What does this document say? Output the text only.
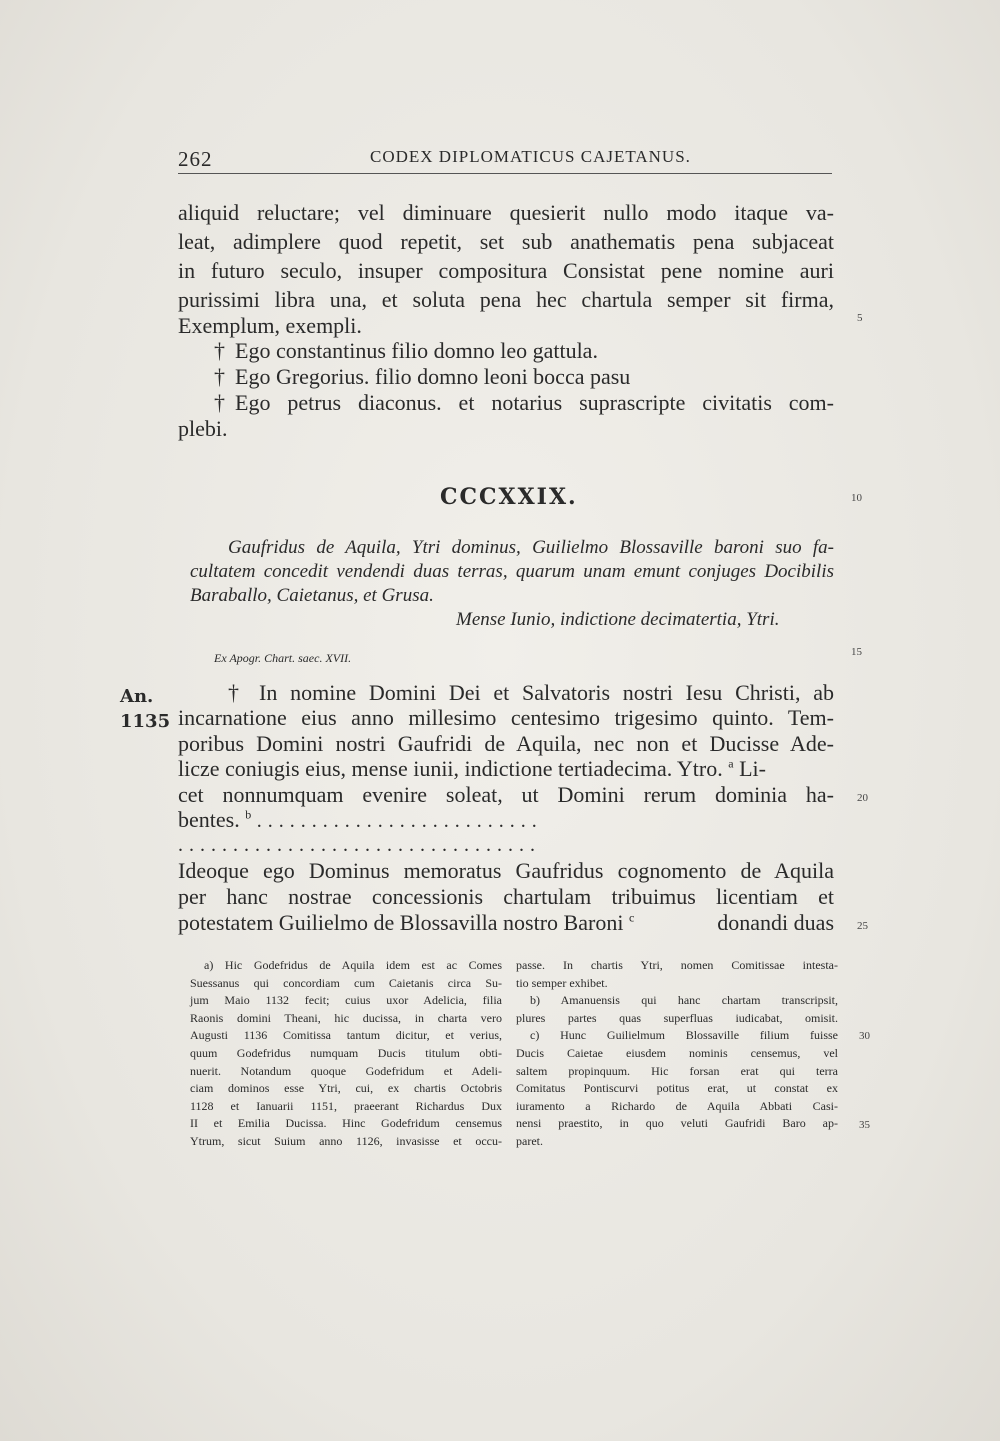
262	CODEX DIPLOMATICUS CAJETANUS.
aliquid reluctare; vel diminuare quesierit nullo modo itaque va-
leat, adimplere quod repetit, set sub anathematis pena subjaceat
in futuro seculo, insuper compositura Consistat pene nomine auri
purissimi libra una, et soluta pena hec chartula semper sit firma,
Exemplum, exempli.
† Ego constantinus filio domno leo gattula.
† Ego Gregorius. filio domno leoni bocca pasu
† Ego petrus diaconus. et notarius suprascripte civitatis com-
plebi.
CCCXXIX.
Gaufridus de Aquila, Ytri dominus, Guilielmo Blossaville baroni suo fa-
cultatem concedit vendendi duas terras, quarum unam emunt conjuges Docibilis
Baraballo, Caietanus, et Grusa.
Mense Iunio, indictione decimatertia, Ytri.
Ex Apogr. Chart. saec. XVII.
An.
1135
† In nomine Domini Dei et Salvatoris nostri Iesu Christi, ab
incarnatione eius anno millesimo centesimo trigesimo quinto. Tem-
poribus Domini nostri Gaufridi de Aquila, nec non et Ducisse Ade-
licze coniugis eius, mense iunii, indictione tertiadecima. Ytro. $^a$ Li-
cet nonnumquam evenire soleat, ut Domini rerum dominia ha-
bentes. $^b$ ..........................
.................................
Ideoque ego Dominus memoratus Gaufridus cognomento de Aquila
per hanc nostrae concessionis chartulam tribuimus licentiam et
potestatem Guilielmo de Blossavilla nostro Baroni $^c$	donandi duas
5
10
15
20
25
30
35
a) Hic Godefridus de Aquila idem est ac Comes
Suessanus qui concordiam cum Caietanis circa Su-
jum Maio 1132 fecit; cuius uxor Adelicia, filia
Raonis domini Theani, hic ducissa, in charta vero
Augusti 1136 Comitissa tantum dicitur, et verius,
quum Godefridus numquam Ducis titulum obti-
nuerit. Notandum quoque Godefridum et Adeli-
ciam dominos esse Ytri, cui, ex chartis Octobris
1128 et Ianuarii 1151, praeerant Richardus Dux
II et Emilia Ducissa. Hinc Godefridum censemus
Ytrum, sicut Suium anno 1126, invasisse et occu-
passe. In chartis Ytri, nomen Comitissae intesta-
tio semper exhibet.
b) Amanuensis qui hanc chartam transcripsit,
plures partes quas superfluas iudicabat, omisit.
c) Hunc Guilielmum Blossaville filium fuisse
Ducis Caietae eiusdem nominis censemus, vel
saltem propinquum. Hic forsan erat qui terra
Comitatus Pontiscurvi potitus erat, ut constat ex
iuramento a Richardo de Aquila Abbati Casi-
nensi praestito, in quo veluti Gaufridi Baro ap-
paret.
